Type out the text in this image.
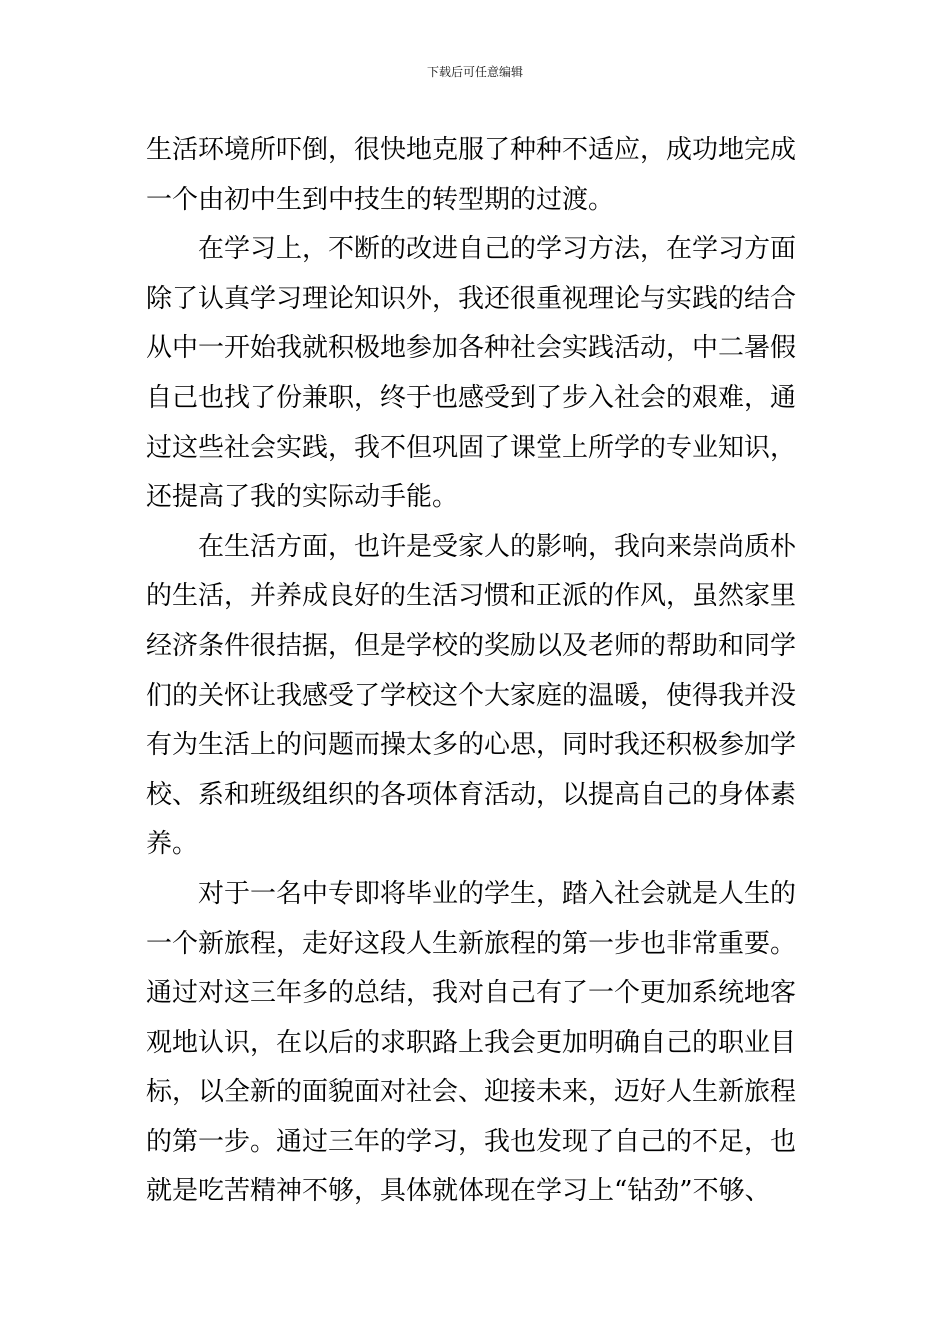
下载后可任意编辑
生活环境所吓倒，很快地克服了种种不适应，成功地完成
一个由初中生到中技生的转型期的过渡。
在学习上，不断的改进自己的学习方法，在学习方面
除了认真学习理论知识外，我还很重视理论与实践的结合
从中一开始我就积极地参加各种社会实践活动，中二暑假
自己也找了份兼职，终于也感受到了步入社会的艰难，通
过这些社会实践，我不但巩固了课堂上所学的专业知识，
还提高了我的实际动手能。
在生活方面，也许是受家人的影响，我向来崇尚质朴
的生活，并养成良好的生活习惯和正派的作风，虽然家里
经济条件很拮据，但是学校的奖励以及老师的帮助和同学
们的关怀让我感受了学校这个大家庭的温暖，使得我并没
有为生活上的问题而操太多的心思，同时我还积极参加学
校、系和班级组织的各项体育活动，以提高自己的身体素
养。
对于一名中专即将毕业的学生，踏入社会就是人生的
一个新旅程，走好这段人生新旅程的第一步也非常重要。
通过对这三年多的总结，我对自己有了一个更加系统地客
观地认识，在以后的求职路上我会更加明确自己的职业目
标，以全新的面貌面对社会、迎接未来，迈好人生新旅程
的第一步。通过三年的学习，我也发现了自己的不足，也
就是吃苦精神不够，具体就体现在学习上“钻劲”不够、
